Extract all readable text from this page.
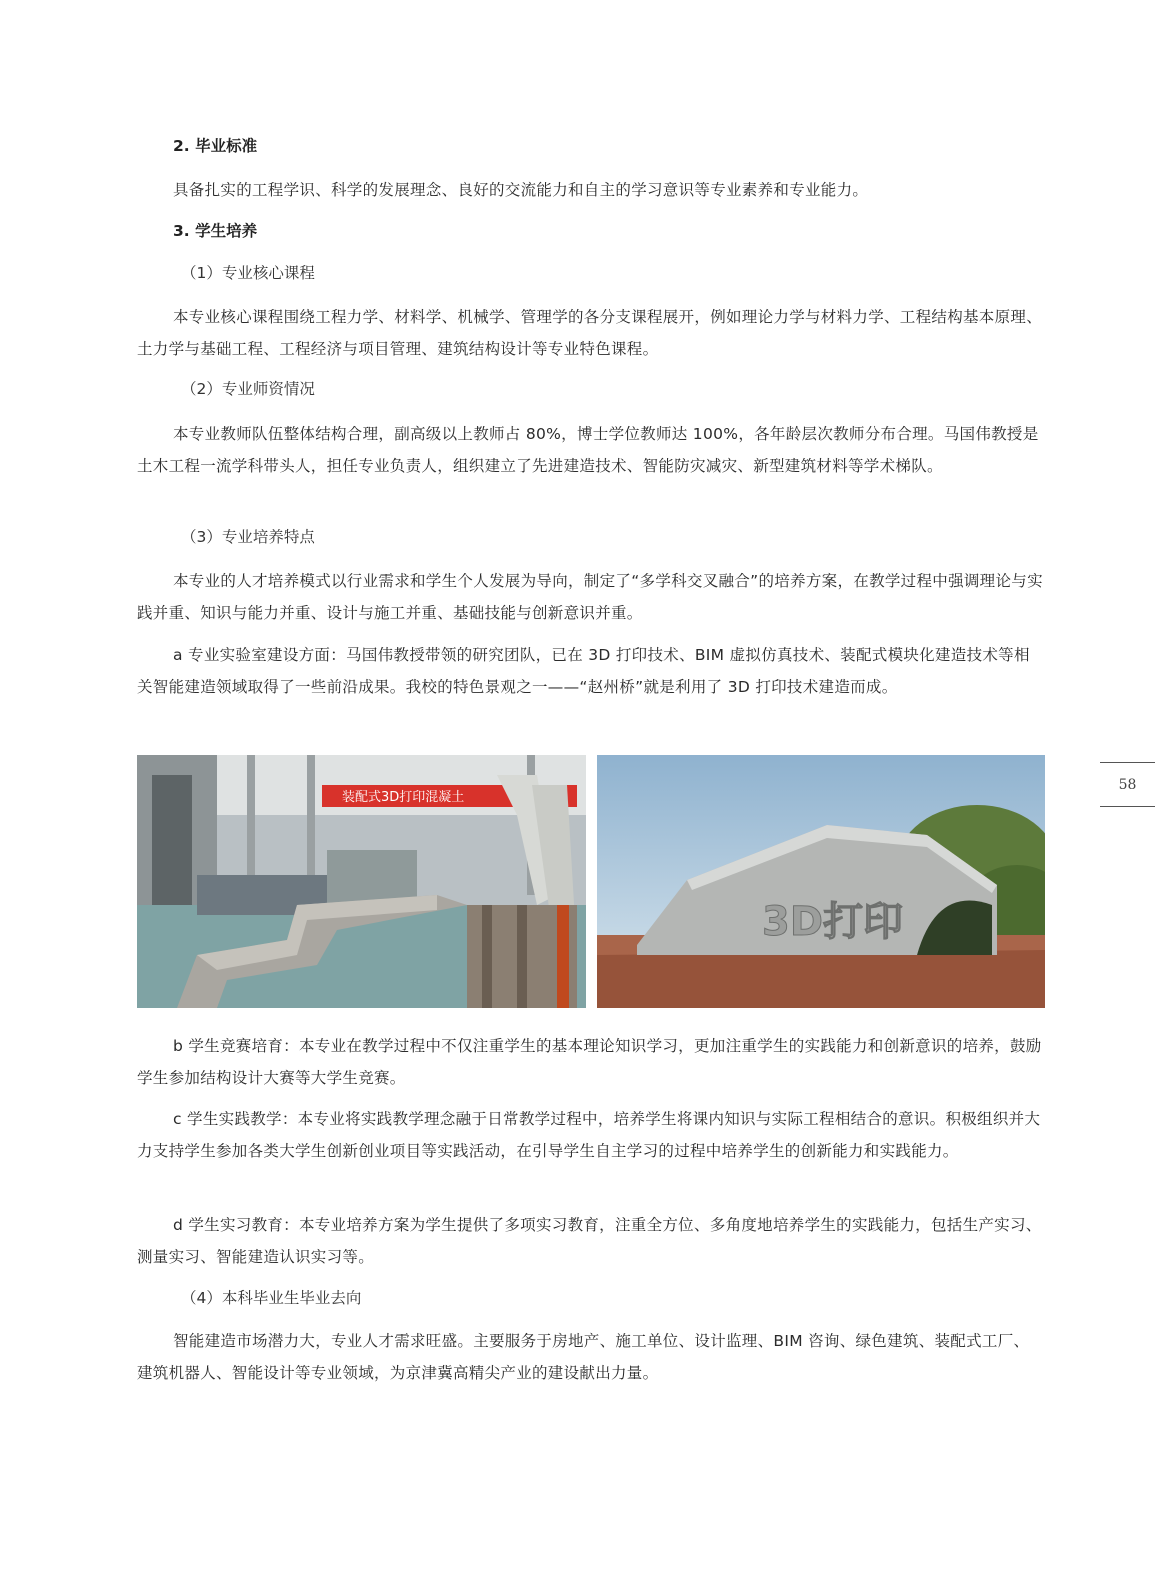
2. 毕业标准

具备扎实的工程学识、科学的发展理念、良好的交流能力和自主的学习意识等专业素养和专业能力。

3. 学生培养
（1）专业核心课程

本专业核心课程围绕工程力学、材料学、机械学、管理学的各分支课程展开，例如理论力学与材料力学、工程结构基本原理、土力学与基础工程、工程经济与项目管理、建筑结构设计等专业特色课程。

（2）专业师资情况

本专业教师队伍整体结构合理，副高级以上教师占 80%，博士学位教师达 100%，各年龄层次教师分布合理。马国伟教授是土木工程一流学科带头人，担任专业负责人，组织建立了先进建造技术、智能防灾减灾、新型建筑材料等学术梯队。

（3）专业培养特点

本专业的人才培养模式以行业需求和学生个人发展为导向，制定了“多学科交叉融合”的培养方案，在教学过程中强调理论与实践并重、知识与能力并重、设计与施工并重、基础技能与创新意识并重。

a 专业实验室建设方面：马国伟教授带领的研究团队，已在 3D 打印技术、BIM 虚拟仿真技术、装配式模块化建造技术等相关智能建造领域取得了一些前沿成果。我校的特色景观之一——“赵州桥”就是利用了 3D 打印技术建造而成。

装配式3D打印混凝土
3D打印

b 学生竞赛培育：本专业在教学过程中不仅注重学生的基本理论知识学习，更加注重学生的实践能力和创新意识的培养，鼓励学生参加结构设计大赛等大学生竞赛。

c 学生实践教学：本专业将实践教学理念融于日常教学过程中，培养学生将课内知识与实际工程相结合的意识。积极组织并大力支持学生参加各类大学生创新创业项目等实践活动，在引导学生自主学习的过程中培养学生的创新能力和实践能力。

d 学生实习教育：本专业培养方案为学生提供了多项实习教育，注重全方位、多角度地培养学生的实践能力，包括生产实习、测量实习、智能建造认识实习等。

（4）本科毕业生毕业去向

智能建造市场潜力大，专业人才需求旺盛。主要服务于房地产、施工单位、设计监理、BIM 咨询、绿色建筑、装配式工厂、建筑机器人、智能设计等专业领域，为京津冀高精尖产业的建设献出力量。

58
